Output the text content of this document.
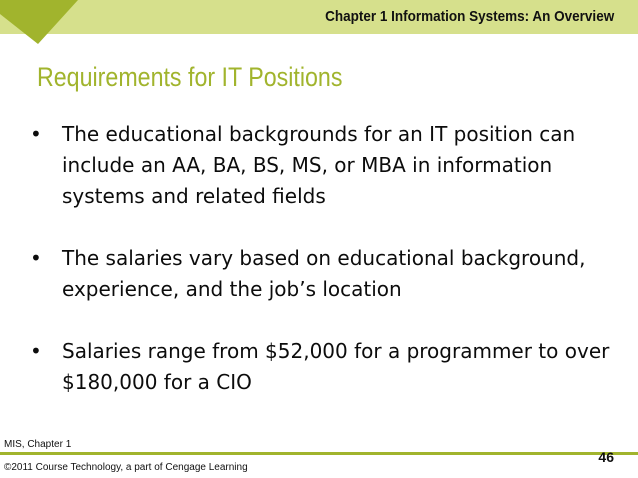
Chapter 1 Information Systems: An Overview
Requirements for IT Positions
• The educational backgrounds for an IT position can include an AA, BA, BS, MS, or MBA in information systems and related fields
• The salaries vary based on educational background, experience, and the job’s location
• Salaries range from $52,000 for a programmer to over $180,000 for a CIO
MIS, Chapter 1
©2011 Course Technology, a part of Cengage Learning
46
